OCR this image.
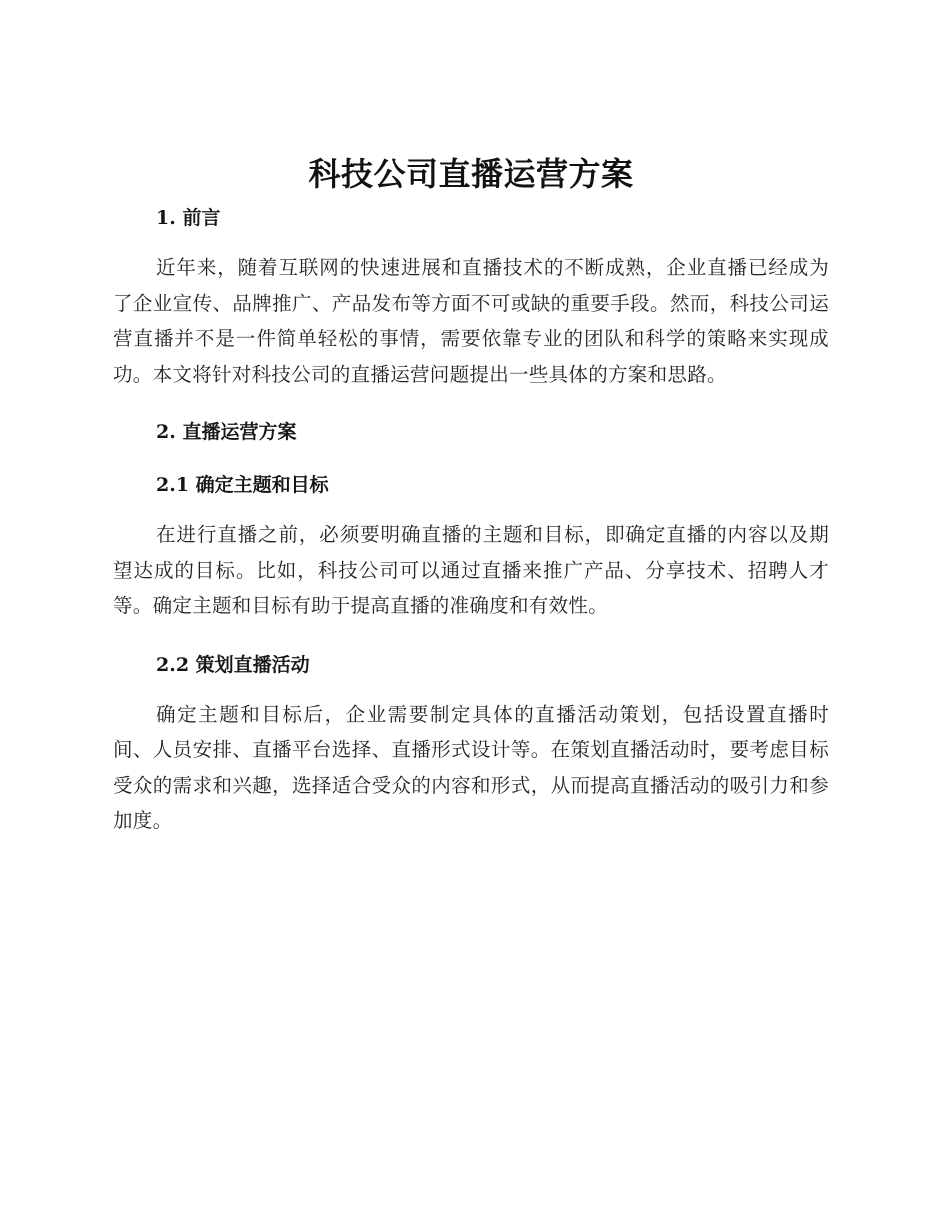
科技公司直播运营方案
1. 前言

近年来，随着互联网的快速进展和直播技术的不断成熟，企业直播已经成为了企业宣传、品牌推广、产品发布等方面不可或缺的重要手段。然而，科技公司运营直播并不是一件简单轻松的事情，需要依靠专业的团队和科学的策略来实现成功。本文将针对科技公司的直播运营问题提出一些具体的方案和思路。

2. 直播运营方案
2.1 确定主题和目标

在进行直播之前，必须要明确直播的主题和目标，即确定直播的内容以及期望达成的目标。比如，科技公司可以通过直播来推广产品、分享技术、招聘人才等。确定主题和目标有助于提高直播的准确度和有效性。

2.2 策划直播活动

确定主题和目标后，企业需要制定具体的直播活动策划，包括设置直播时间、人员安排、直播平台选择、直播形式设计等。在策划直播活动时，要考虑目标受众的需求和兴趣，选择适合受众的内容和形式，从而提高直播活动的吸引力和参加度。
